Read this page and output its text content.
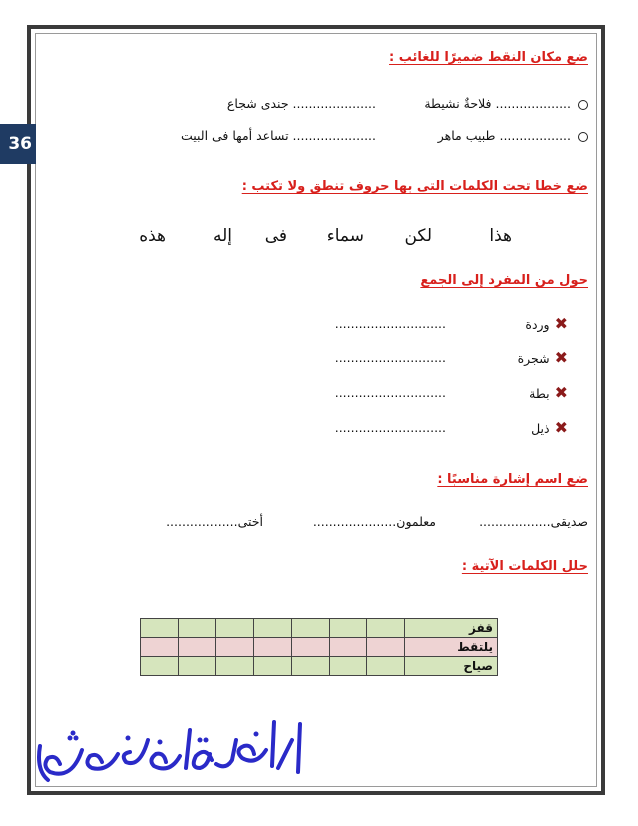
36
ضع مكان النقط ضميرًا للغائب :
................... فلاحةٌ نشيطة
..................... جندى شجاع
.................. طبيب ماهر
..................... تساعد أمها فى البيت
ضع خطا تحت الكلمات التى بها حروف تنطق ولا تكتب :
هذا
لكن
سماء
فى
إله
هذه
حول من المفرد إلى الجمع
✖وردة
............................
✖شجرة
............................
✖بطة
............................
✖ذيل
............................
ضع اسم إشارة مناسبًا :
صديقى..................
معلمون.....................
أختى..................
حلل الكلمات الآتية :
قفز							
يلتقط							
صياح							
